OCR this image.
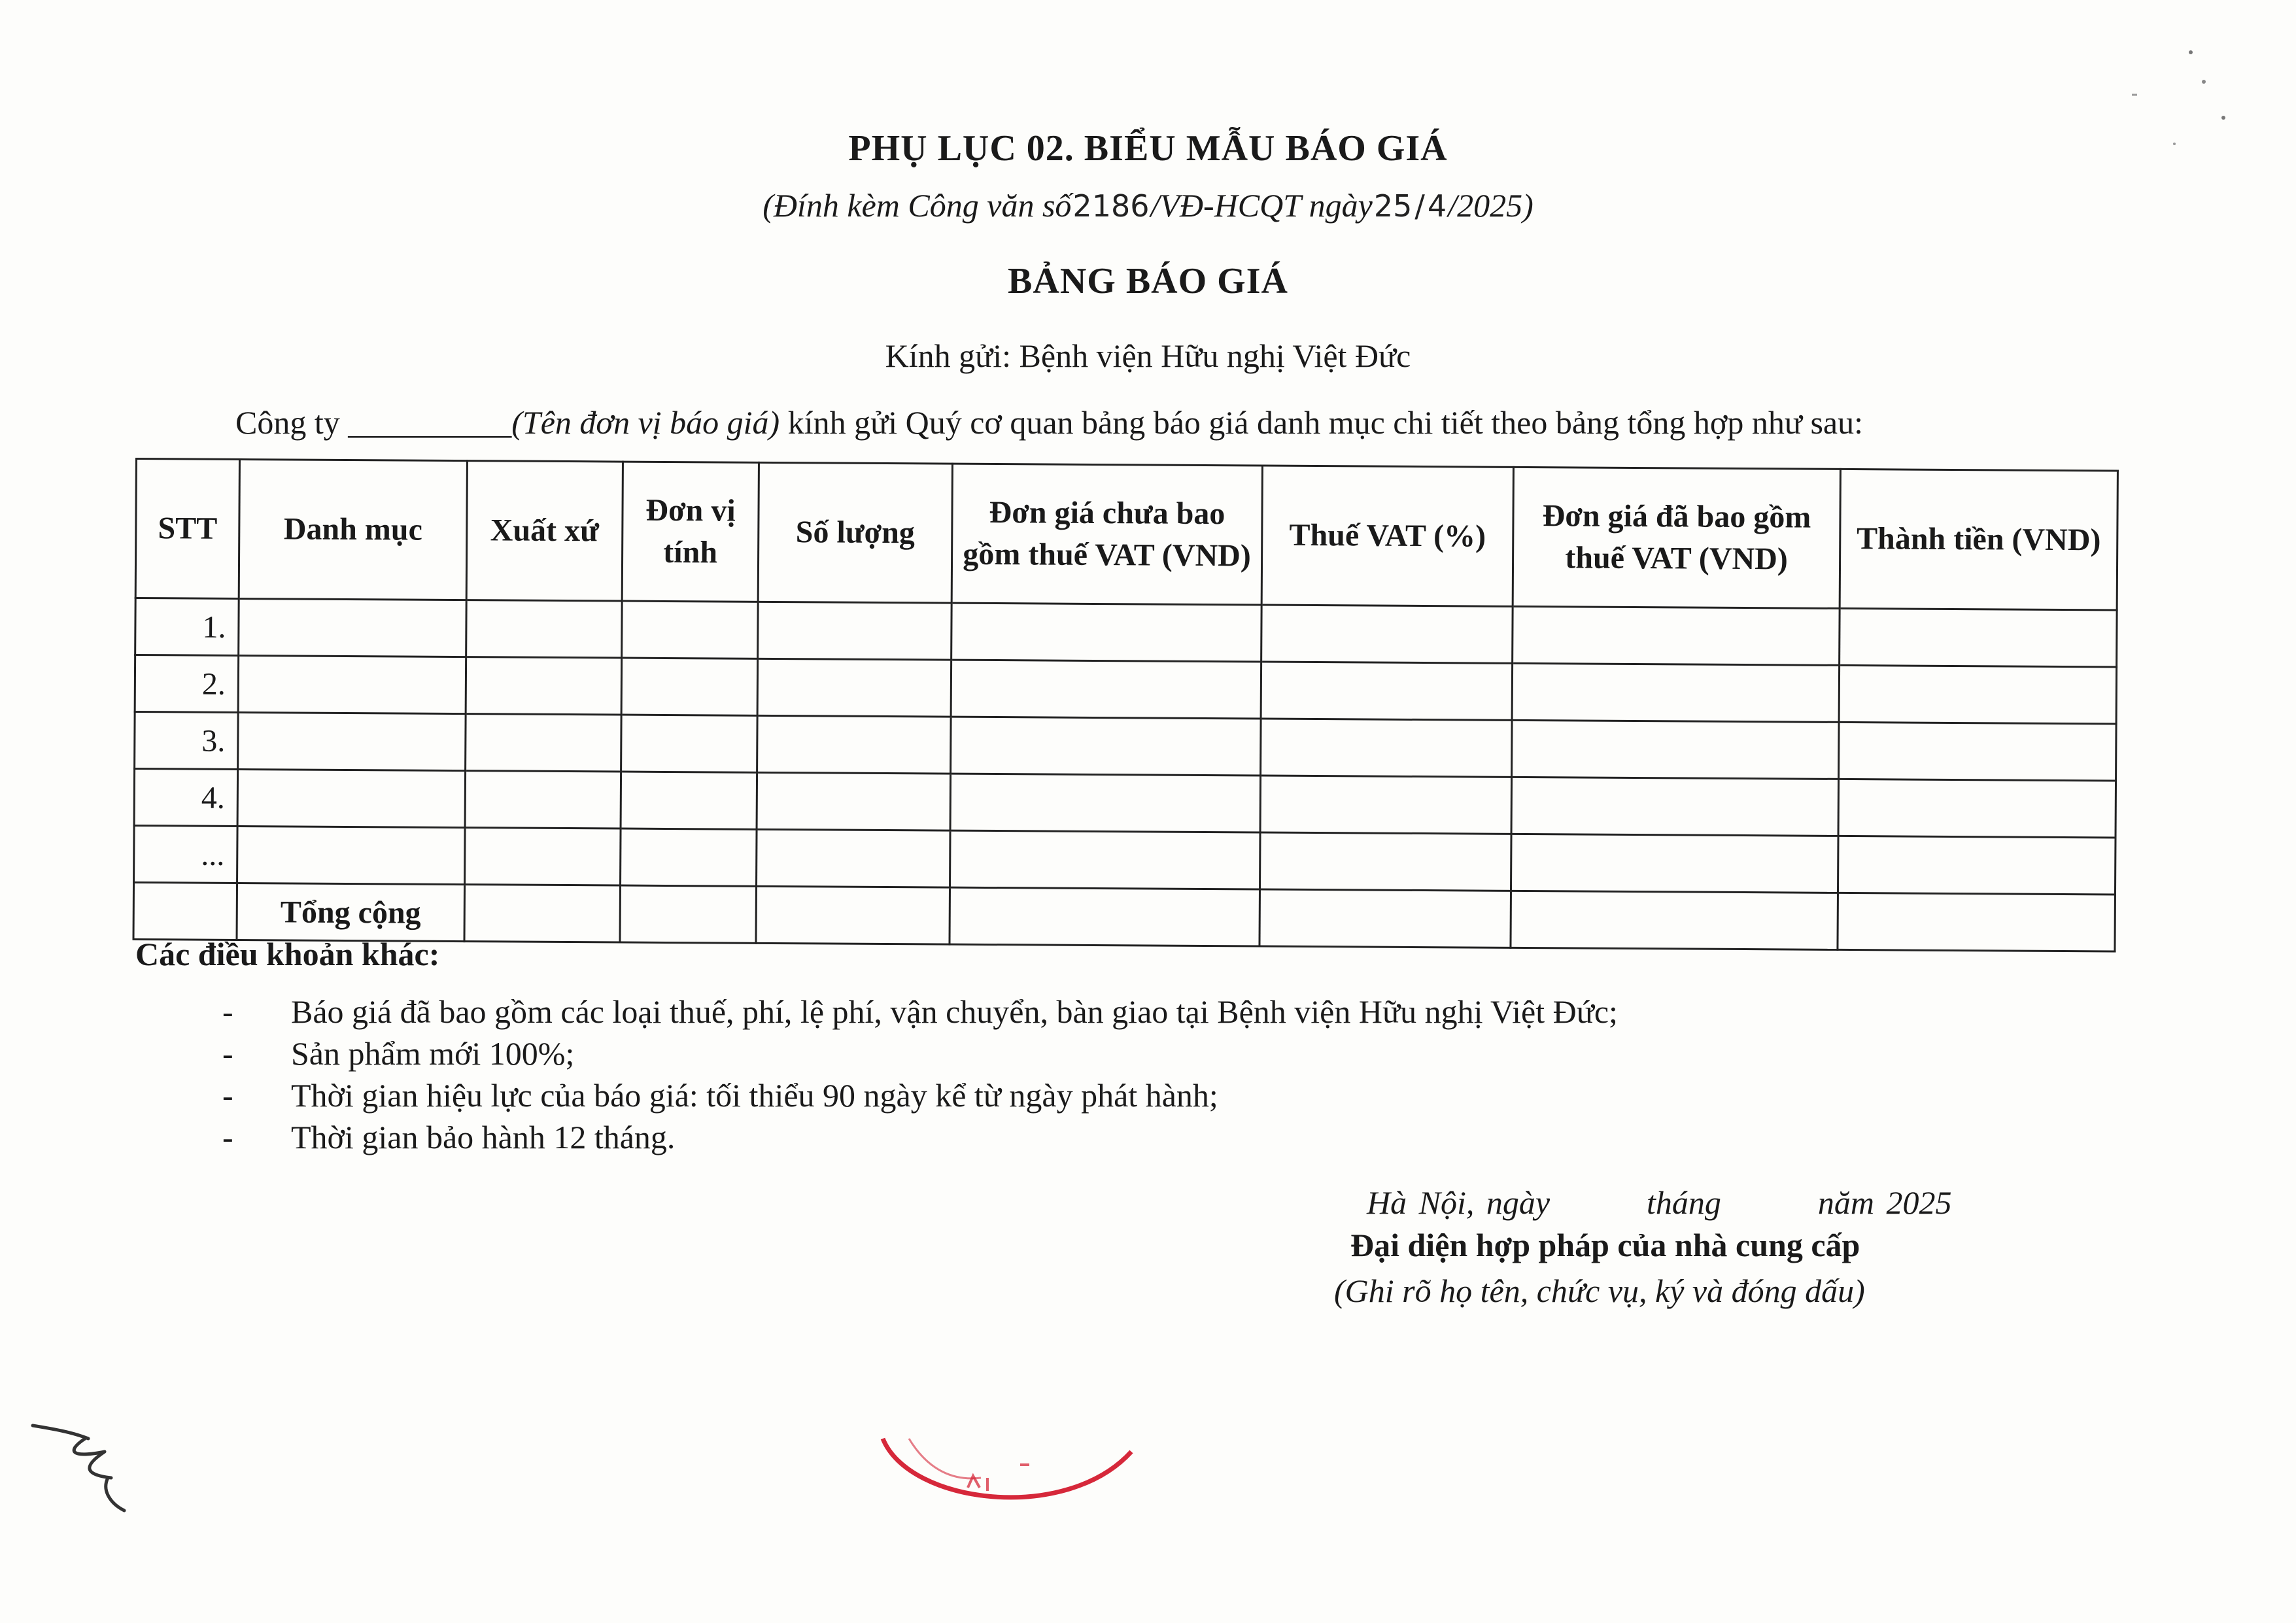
PHỤ LỤC 02. BIỂU MẪU BÁO GIÁ
(Đính kèm Công văn số2186/VĐ-HCQT ngày25/4/2025)
BẢNG BÁO GIÁ
Kính gửi: Bệnh viện Hữu nghị Việt Đức
Công ty __________(Tên đơn vị báo giá) kính gửi Quý cơ quan bảng báo giá danh mục chi tiết theo bảng tổng hợp như sau:
STT	Danh mục	Xuất xứ	Đơn vị tính	Số lượng	Đơn giá chưa bao gồm thuế VAT (VND)	Thuế VAT (%)	Đơn giá đã bao gồm thuế VAT (VND)	Thành tiền (VND)
1.								
2.								
3.								
4.								
...								
	Tổng cộng							
Các điều khoản khác:
- Báo giá đã bao gồm các loại thuế, phí, lệ phí, vận chuyển, bàn giao tại Bệnh viện Hữu nghị Việt Đức;
- Sản phẩm mới 100%;
- Thời gian hiệu lực của báo giá: tối thiểu 90 ngày kể từ ngày phát hành;
- Thời gian bảo hành 12 tháng.
Hà Nội, ngày        tháng        năm 2025
Đại diện hợp pháp của nhà cung cấp
(Ghi rõ họ tên, chức vụ, ký và đóng dấu)
